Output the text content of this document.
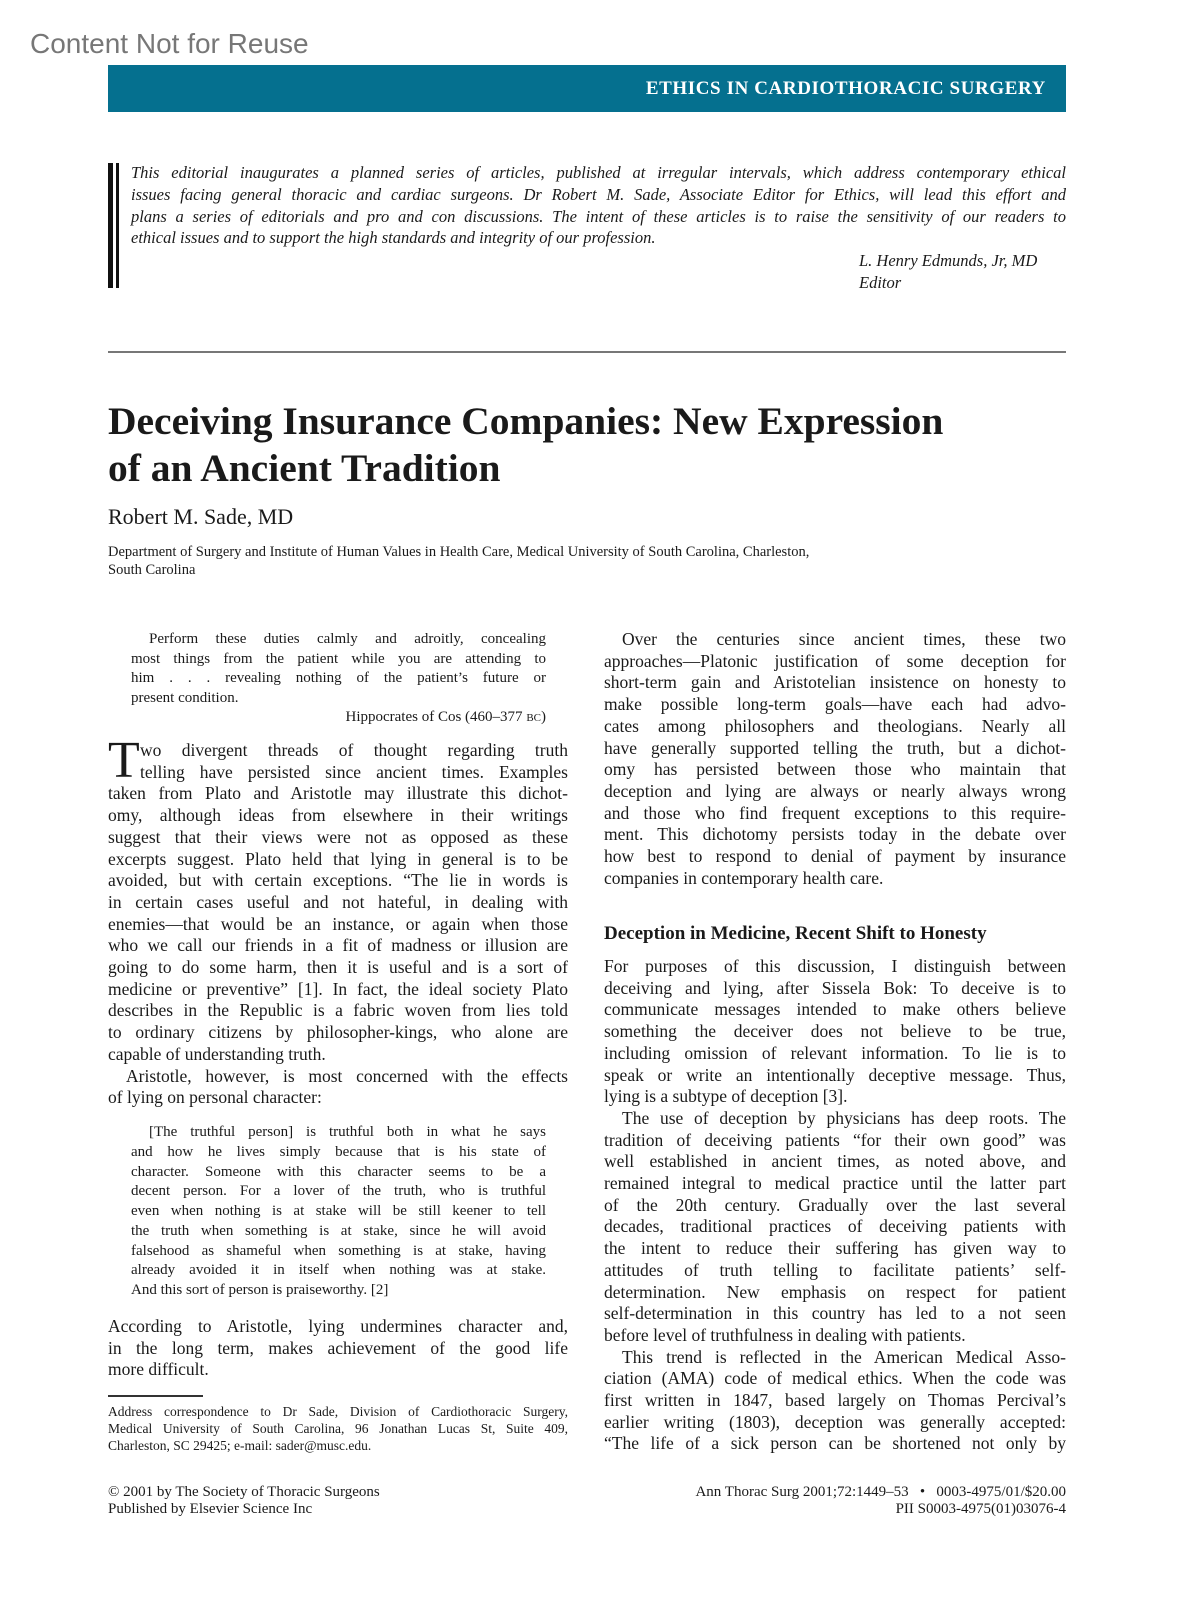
Content Not for Reuse
ETHICS IN CARDIOTHORACIC SURGERY
This editorial inaugurates a planned series of articles, published at irregular intervals, which address contemporary ethical
issues facing general thoracic and cardiac surgeons. Dr Robert M. Sade, Associate Editor for Ethics, will lead this effort and
plans a series of editorials and pro and con discussions. The intent of these articles is to raise the sensitivity of our readers to
ethical issues and to support the high standards and integrity of our profession.
L. Henry Edmunds, Jr, MD
Editor
Deceiving Insurance Companies: New Expression
of an Ancient Tradition
Robert M. Sade, MD
Department of Surgery and Institute of Human Values in Health Care, Medical University of South Carolina, Charleston,
South Carolina
Perform these duties calmly and adroitly, concealing
most things from the patient while you are attending to
him . . . revealing nothing of the patient’s future or
present condition.
Hippocrates of Cos (460–377 BC)
T wo divergent threads of thought regarding truth
telling have persisted since ancient times. Examples
taken from Plato and Aristotle may illustrate this dichot-
omy, although ideas from elsewhere in their writings
suggest that their views were not as opposed as these
excerpts suggest. Plato held that lying in general is to be
avoided, but with certain exceptions. “The lie in words is
in certain cases useful and not hateful, in dealing with
enemies—that would be an instance, or again when those
who we call our friends in a fit of madness or illusion are
going to do some harm, then it is useful and is a sort of
medicine or preventive” [1]. In fact, the ideal society Plato
describes in the Republic is a fabric woven from lies told
to ordinary citizens by philosopher-kings, who alone are
capable of understanding truth.
Aristotle, however, is most concerned with the effects
of lying on personal character:
[The truthful person] is truthful both in what he says
and how he lives simply because that is his state of
character. Someone with this character seems to be a
decent person. For a lover of the truth, who is truthful
even when nothing is at stake will be still keener to tell
the truth when something is at stake, since he will avoid
falsehood as shameful when something is at stake, having
already avoided it in itself when nothing was at stake.
And this sort of person is praiseworthy. [2]
According to Aristotle, lying undermines character and,
in the long term, makes achievement of the good life
more difficult.
Address correspondence to Dr Sade, Division of Cardiothoracic Surgery,
Medical University of South Carolina, 96 Jonathan Lucas St, Suite 409,
Charleston, SC 29425; e-mail: sader@musc.edu.
© 2001 by The Society of Thoracic Surgeons
Published by Elsevier Science Inc
Over the centuries since ancient times, these two
approaches—Platonic justification of some deception for
short-term gain and Aristotelian insistence on honesty to
make possible long-term goals—have each had advo-
cates among philosophers and theologians. Nearly all
have generally supported telling the truth, but a dichot-
omy has persisted between those who maintain that
deception and lying are always or nearly always wrong
and those who find frequent exceptions to this require-
ment. This dichotomy persists today in the debate over
how best to respond to denial of payment by insurance
companies in contemporary health care.
Deception in Medicine, Recent Shift to Honesty
For purposes of this discussion, I distinguish between
deceiving and lying, after Sissela Bok: To deceive is to
communicate messages intended to make others believe
something the deceiver does not believe to be true,
including omission of relevant information. To lie is to
speak or write an intentionally deceptive message. Thus,
lying is a subtype of deception [3].
The use of deception by physicians has deep roots. The
tradition of deceiving patients “for their own good” was
well established in ancient times, as noted above, and
remained integral to medical practice until the latter part
of the 20th century. Gradually over the last several
decades, traditional practices of deceiving patients with
the intent to reduce their suffering has given way to
attitudes of truth telling to facilitate patients’ self-
determination. New emphasis on respect for patient
self-determination in this country has led to a not seen
before level of truthfulness in dealing with patients.
This trend is reflected in the American Medical Asso-
ciation (AMA) code of medical ethics. When the code was
first written in 1847, based largely on Thomas Percival’s
earlier writing (1803), deception was generally accepted:
“The life of a sick person can be shortened not only by
Ann Thorac Surg 2001;72:1449–53   •   0003-4975/01/$20.00
PII S0003-4975(01)03076-4
